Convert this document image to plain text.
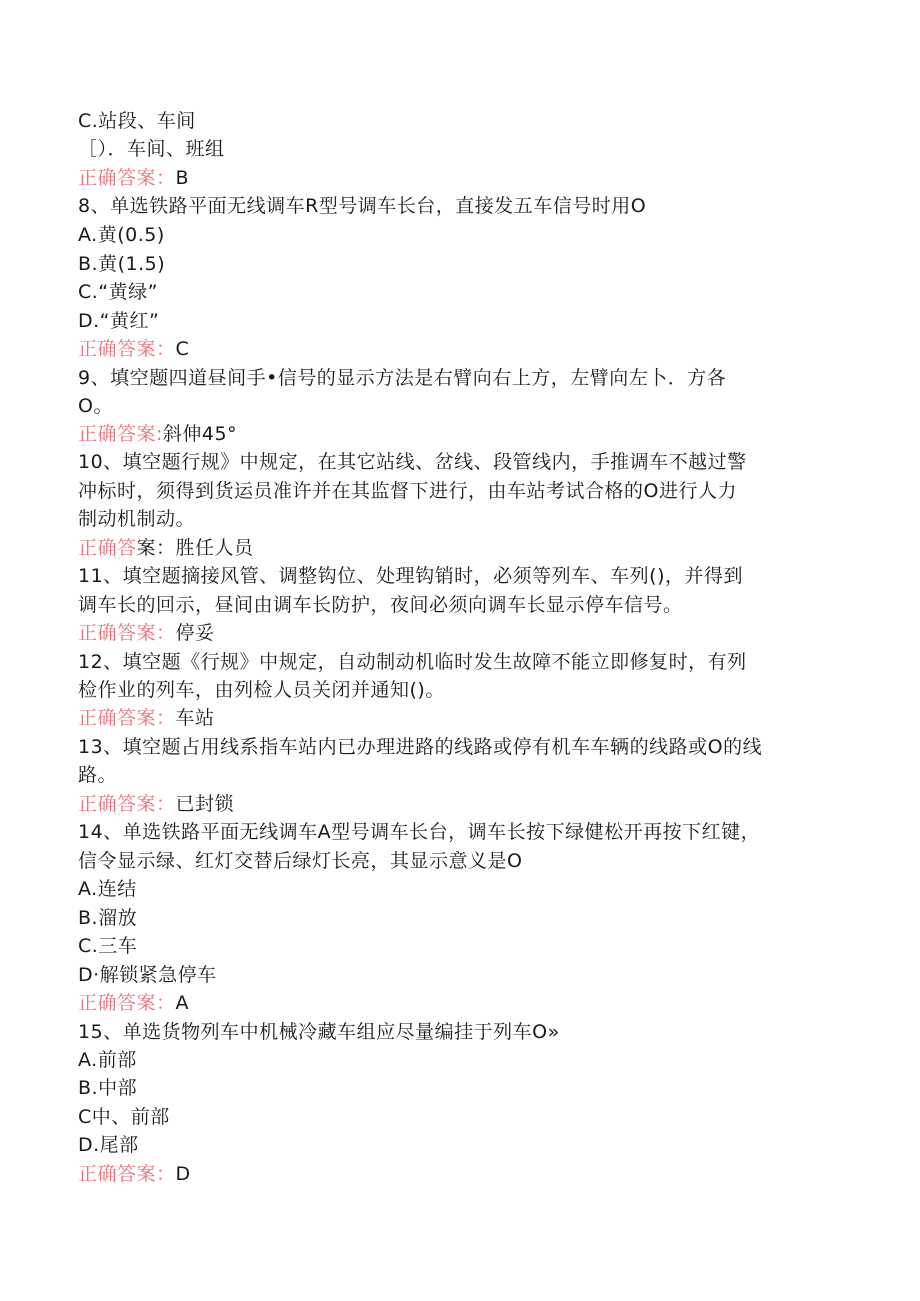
C.站段、车间
［）．车间、班组
正确答案：B
8、单选铁路平面无线调车R型号调车长台，直接发五车信号时用O
A.黄(0.5)
B.黄(1.5)
C.“黄绿”
D.“黄红”
正确答案：C
9、填空题四道昼间手•信号的显示方法是右臂向右上方，左臂向左卜．方各
O。
正确答案:斜伸45°
10、填空题行规》中规定，在其它站线、岔线、段管线内，手推调车不越过警
冲标时，须得到货运员准许并在其监督下进行，由车站考试合格的O进行人力
制动机制动。
正确答案：胜任人员
11、填空题摘接风管、调整钩位、处理钩销时，必须等列车、车列()，并得到
调车长的回示，昼间由调车长防护，夜间必须向调车长显示停车信号。
正确答案：停妥
12、填空题《行规》中规定，自动制动机临时发生故障不能立即修复时，有列
检作业的列车，由列检人员关闭并通知()。
正确答案：车站
13、填空题占用线系指车站内已办理进路的线路或停有机车车辆的线路或O的线
路。
正确答案：已封锁
14、单选铁路平面无线调车A型号调车长台，调车长按下绿健松开再按下红键，
信令显示绿、红灯交替后绿灯长亮，其显示意义是O
A.连结
B.溜放
C.三车
D·解锁紧急停车
正确答案：A
15、单选货物列车中机械冷藏车组应尽量编挂于列车O»
A.前部
B.中部
C中、前部
D.尾部
正确答案：D
